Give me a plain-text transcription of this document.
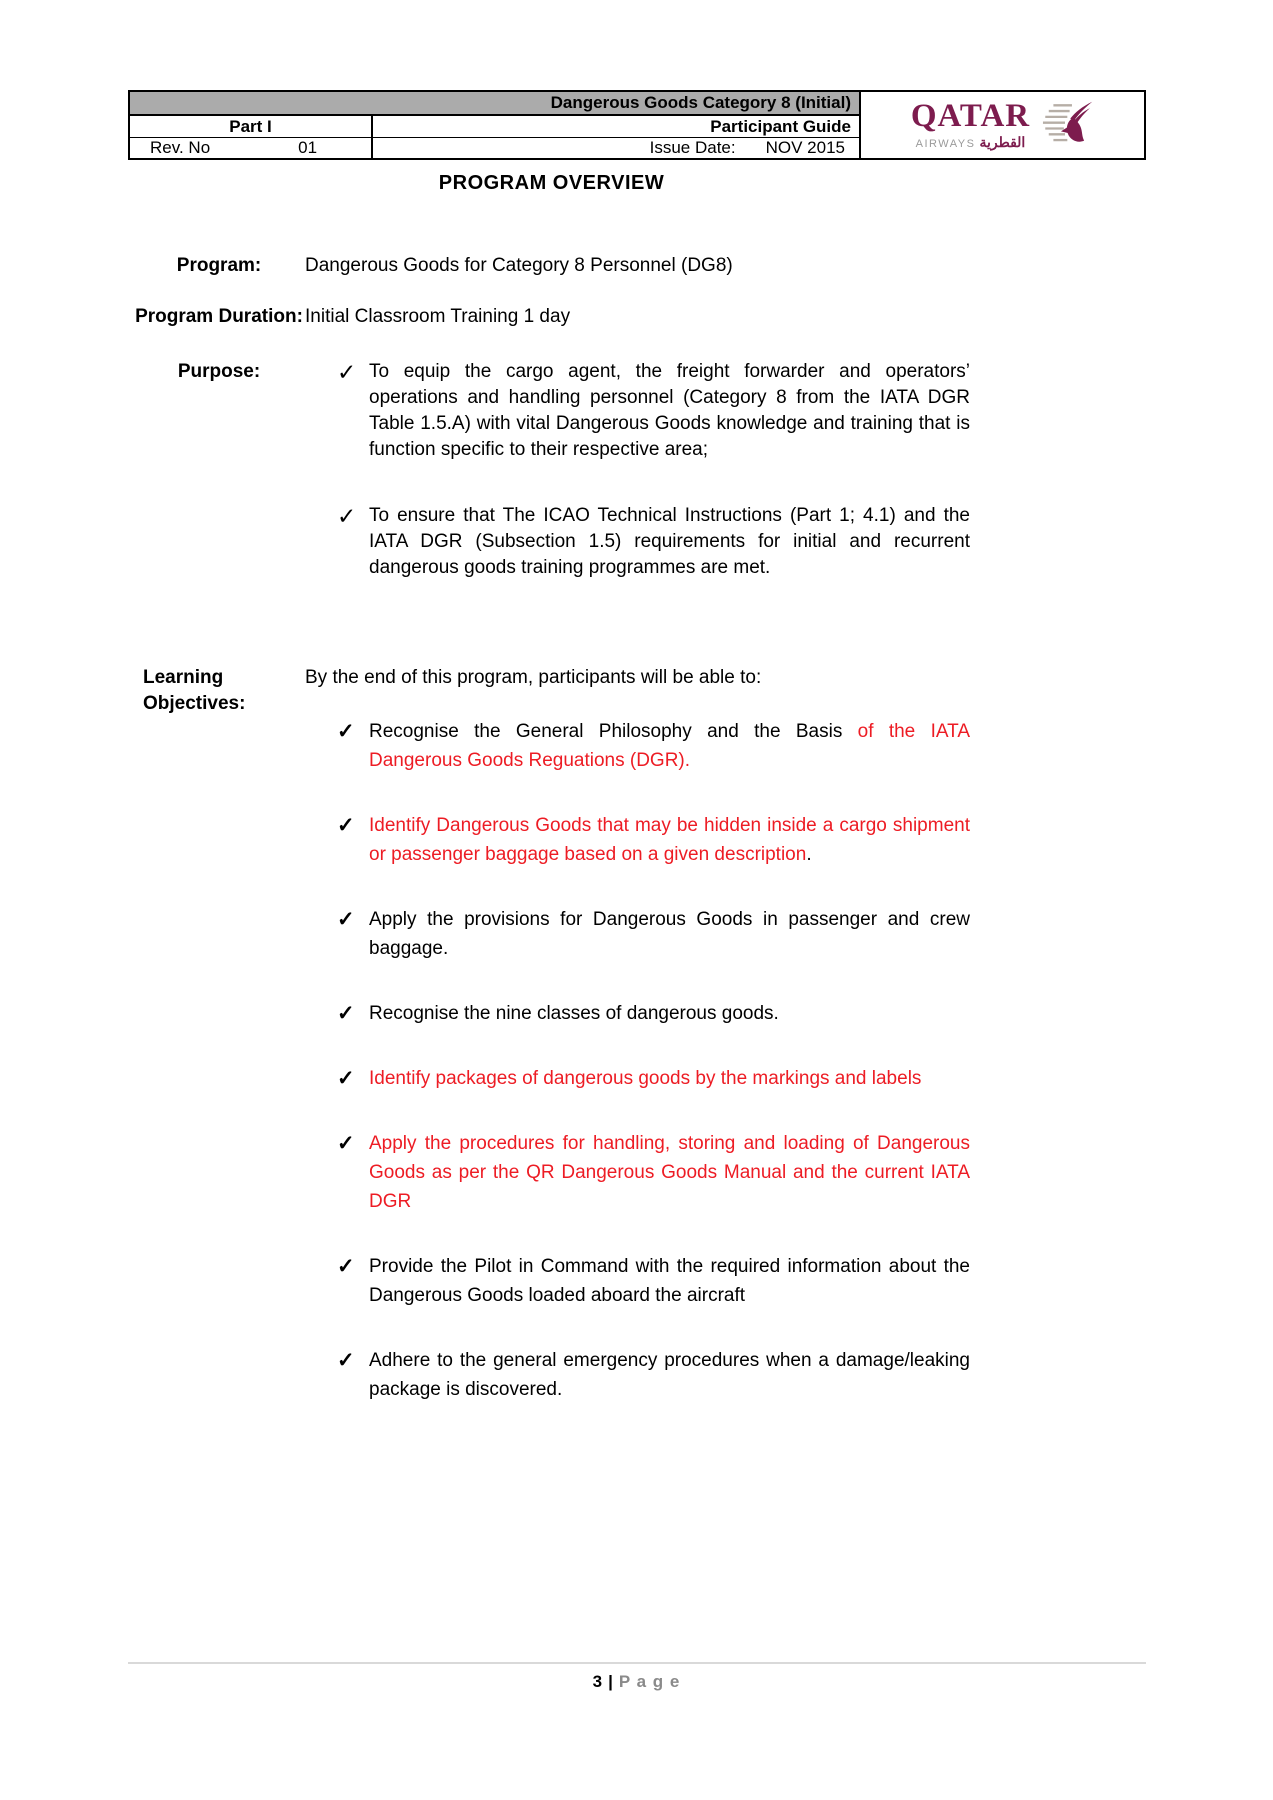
Dangerous Goods Category 8 (Initial)
Part I	Participant Guide
Rev. No	01	Issue Date: NOV 2015
QATAR
AIRWAYS القطرية
PROGRAM OVERVIEW
Program:	Dangerous Goods for Category 8 Personnel (DG8)

Program Duration: Initial Classroom Training 1 day

Purpose:	✓ To equip the cargo agent, the freight forwarder and operators’ operations and handling personnel (Category 8 from the IATA DGR Table 1.5.A) with vital Dangerous Goods knowledge and training that is function specific to their respective area;

✓ To ensure that The ICAO Technical Instructions (Part 1; 4.1) and the IATA DGR (Subsection 1.5) requirements for initial and recurrent dangerous goods training programmes are met.

Learning Objectives:

By the end of this program, participants will be able to:

✓ Recognise the General Philosophy and the Basis of the IATA Dangerous Goods Reguations (DGR).

✓ Identify Dangerous Goods that may be hidden inside a cargo shipment or passenger baggage based on a given description.

✓ Apply the provisions for Dangerous Goods in passenger and crew baggage.

✓ Recognise the nine classes of dangerous goods.

✓ Identify packages of dangerous goods by the markings and labels

✓ Apply the procedures for handling, storing and loading of Dangerous Goods as per the QR Dangerous Goods Manual and the current IATA DGR

✓ Provide the Pilot in Command with the required information about the Dangerous Goods loaded aboard the aircraft

✓ Adhere to the general emergency procedures when a damage/leaking package is discovered.

3 | P a g e
